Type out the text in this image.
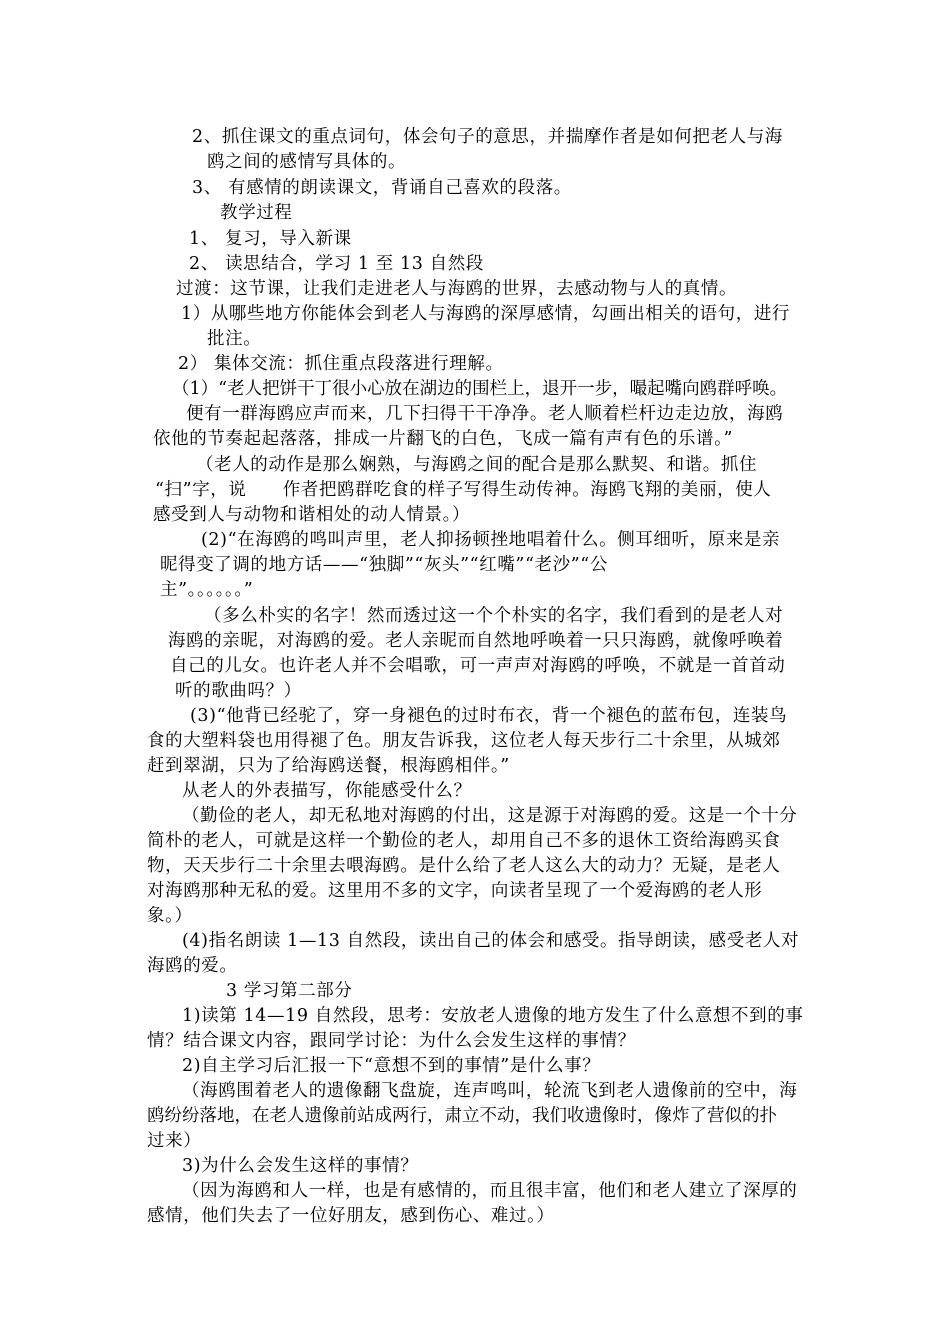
2、抓住课文的重点词句，体会句子的意思，并揣摩作者是如何把老人与海
鸥之间的感情写具体的。
3、 有感情的朗读课文，背诵自己喜欢的段落。
教学过程
1、 复习，导入新课
2、 读思结合，学习 1 至 13 自然段
过渡：这节课，让我们走进老人与海鸥的世界，去感动物与人的真情。
1）从哪些地方你能体会到老人与海鸥的深厚感情，勾画出相关的语句，进行
批注。
2） 集体交流：抓住重点段落进行理解。
（1）“老人把饼干丁很小心放在湖边的围栏上，退开一步，嘬起嘴向鸥群呼唤。
便有一群海鸥应声而来，几下扫得干干净净。老人顺着栏杆边走边放，海鸥
依他的节奏起起落落，排成一片翻飞的白色，飞成一篇有声有色的乐谱。”
（老人的动作是那么娴熟，与海鸥之间的配合是那么默契、和谐。抓住
“扫”字，说　　作者把鸥群吃食的样子写得生动传神。海鸥飞翔的美丽，使人
感受到人与动物和谐相处的动人情景。）
(2)“在海鸥的鸣叫声里，老人抑扬顿挫地唱着什么。侧耳细听，原来是亲
昵得变了调的地方话——“独脚”“灰头”“红嘴”“老沙”“公
主”。。。。。。”
（多么朴实的名字！然而透过这一个个朴实的名字，我们看到的是老人对
海鸥的亲昵，对海鸥的爱。老人亲昵而自然地呼唤着一只只海鸥，就像呼唤着
自己的儿女。也许老人并不会唱歌，可一声声对海鸥的呼唤，不就是一首首动
听的歌曲吗？）
(3)“他背已经驼了，穿一身褪色的过时布衣，背一个褪色的蓝布包，连装鸟
食的大塑料袋也用得褪了色。朋友告诉我，这位老人每天步行二十余里，从城郊
赶到翠湖，只为了给海鸥送餐，根海鸥相伴。”
从老人的外表描写，你能感受什么？
（勤俭的老人，却无私地对海鸥的付出，这是源于对海鸥的爱。这是一个十分
简朴的老人，可就是这样一个勤俭的老人，却用自己不多的退休工资给海鸥买食
物，天天步行二十余里去喂海鸥。是什么给了老人这么大的动力？无疑，是老人
对海鸥那种无私的爱。这里用不多的文字，向读者呈现了一个爱海鸥的老人形
象。）
(4)指名朗读 1—13 自然段，读出自己的体会和感受。指导朗读，感受老人对
海鸥的爱。
3 学习第二部分
1)读第 14—19 自然段，思考：安放老人遗像的地方发生了什么意想不到的事
情？结合课文内容，跟同学讨论：为什么会发生这样的事情？
2)自主学习后汇报一下“意想不到的事情”是什么事？
（海鸥围着老人的遗像翻飞盘旋，连声鸣叫，轮流飞到老人遗像前的空中，海
鸥纷纷落地，在老人遗像前站成两行，肃立不动，我们收遗像时，像炸了营似的扑
过来）
3)为什么会发生这样的事情？
（因为海鸥和人一样，也是有感情的，而且很丰富，他们和老人建立了深厚的
感情，他们失去了一位好朋友，感到伤心、难过。）
